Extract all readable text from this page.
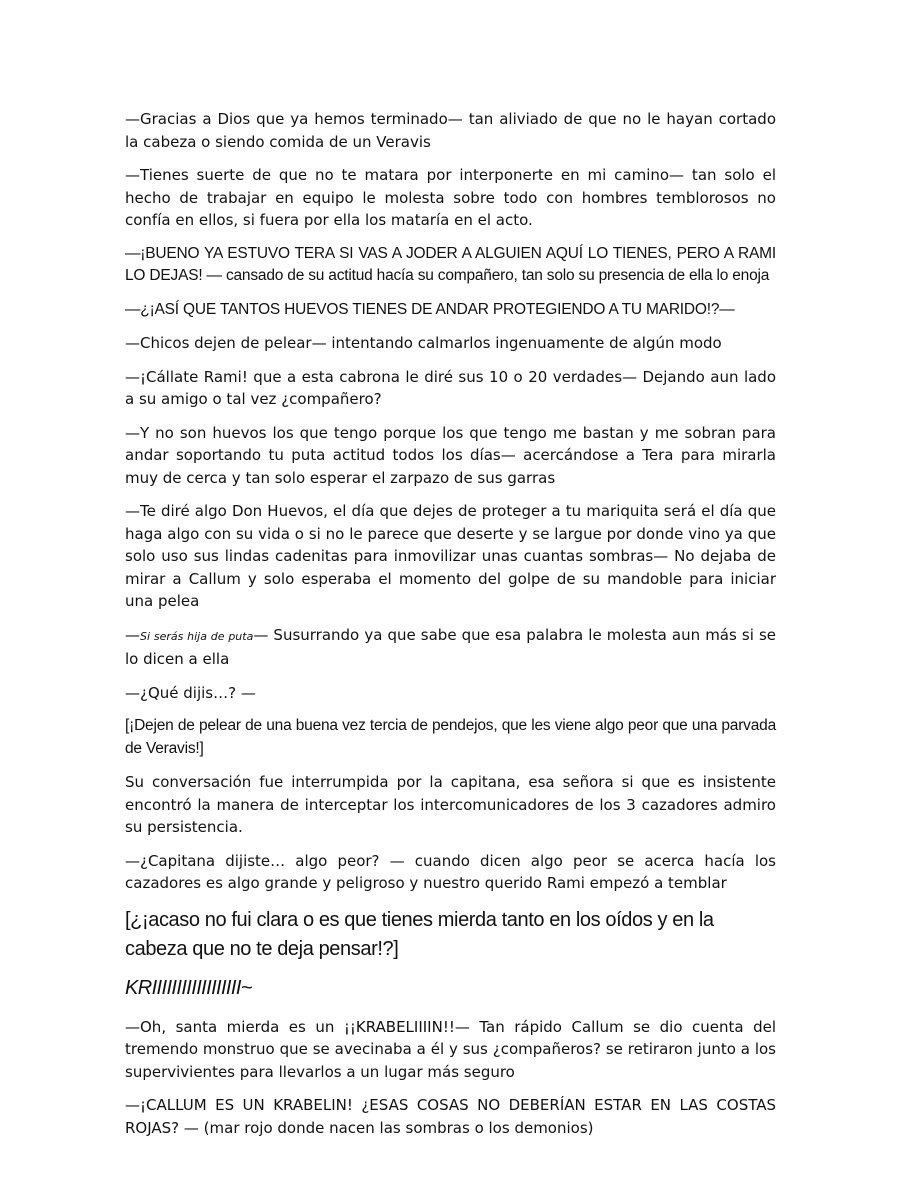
—Gracias a Dios que ya hemos terminado— tan aliviado de que no le hayan cortado la cabeza o siendo comida de un Veravis

—Tienes suerte de que no te matara por interponerte en mi camino— tan solo el hecho de trabajar en equipo le molesta sobre todo con hombres temblorosos no confía en ellos, si fuera por ella los mataría en el acto.

—¡BUENO YA ESTUVO TERA SI VAS A JODER A ALGUIEN AQUÍ LO TIENES, PERO A RAMI LO DEJAS! — cansado de su actitud hacía su compañero, tan solo su presencia de ella lo enoja

—¿¡ASÍ QUE TANTOS HUEVOS TIENES DE ANDAR PROTEGIENDO A TU MARIDO!?—

—Chicos dejen de pelear— intentando calmarlos ingenuamente de algún modo

—¡Cállate Rami! que a esta cabrona le diré sus 10 o 20 verdades— Dejando aun lado a su amigo o tal vez ¿compañero?

—Y no son huevos los que tengo porque los que tengo me bastan y me sobran para andar soportando tu puta actitud todos los días— acercándose a Tera para mirarla muy de cerca y tan solo esperar el zarpazo de sus garras

—Te diré algo Don Huevos, el día que dejes de proteger a tu mariquita será el día que haga algo con su vida o si no le parece que deserte y se largue por donde vino ya que solo uso sus lindas cadenitas para inmovilizar unas cuantas sombras— No dejaba de mirar a Callum y solo esperaba el momento del golpe de su mandoble para iniciar una pelea

—Si serás hija de puta— Susurrando ya que sabe que esa palabra le molesta aun más si se lo dicen a ella

—¿Qué dijis…? —

[¡Dejen de pelear de una buena vez tercia de pendejos, que les viene algo peor que una parvada de Veravis!]

Su conversación fue interrumpida por la capitana, esa señora si que es insistente encontró la manera de interceptar los intercomunicadores de los 3 cazadores admiro su persistencia.

—¿Capitana dijiste… algo peor? — cuando dicen algo peor se acerca hacía los cazadores es algo grande y peligroso y nuestro querido Rami empezó a temblar

[¿¡acaso no fui clara o es que tienes mierda tanto en los oídos y en la cabeza que no te deja pensar!?]

KRIIIIIIIIIIIIIIIIII~

—Oh, santa mierda es un ¡¡KRABELIIIIN!!— Tan rápido Callum se dio cuenta del tremendo monstruo que se avecinaba a él y sus ¿compañeros? se retiraron junto a los supervivientes para llevarlos a un lugar más seguro

—¡CALLUM ES UN KRABELIN! ¿ESAS COSAS NO DEBERÍAN ESTAR EN LAS COSTAS ROJAS? — (mar rojo donde nacen las sombras o los demonios)
